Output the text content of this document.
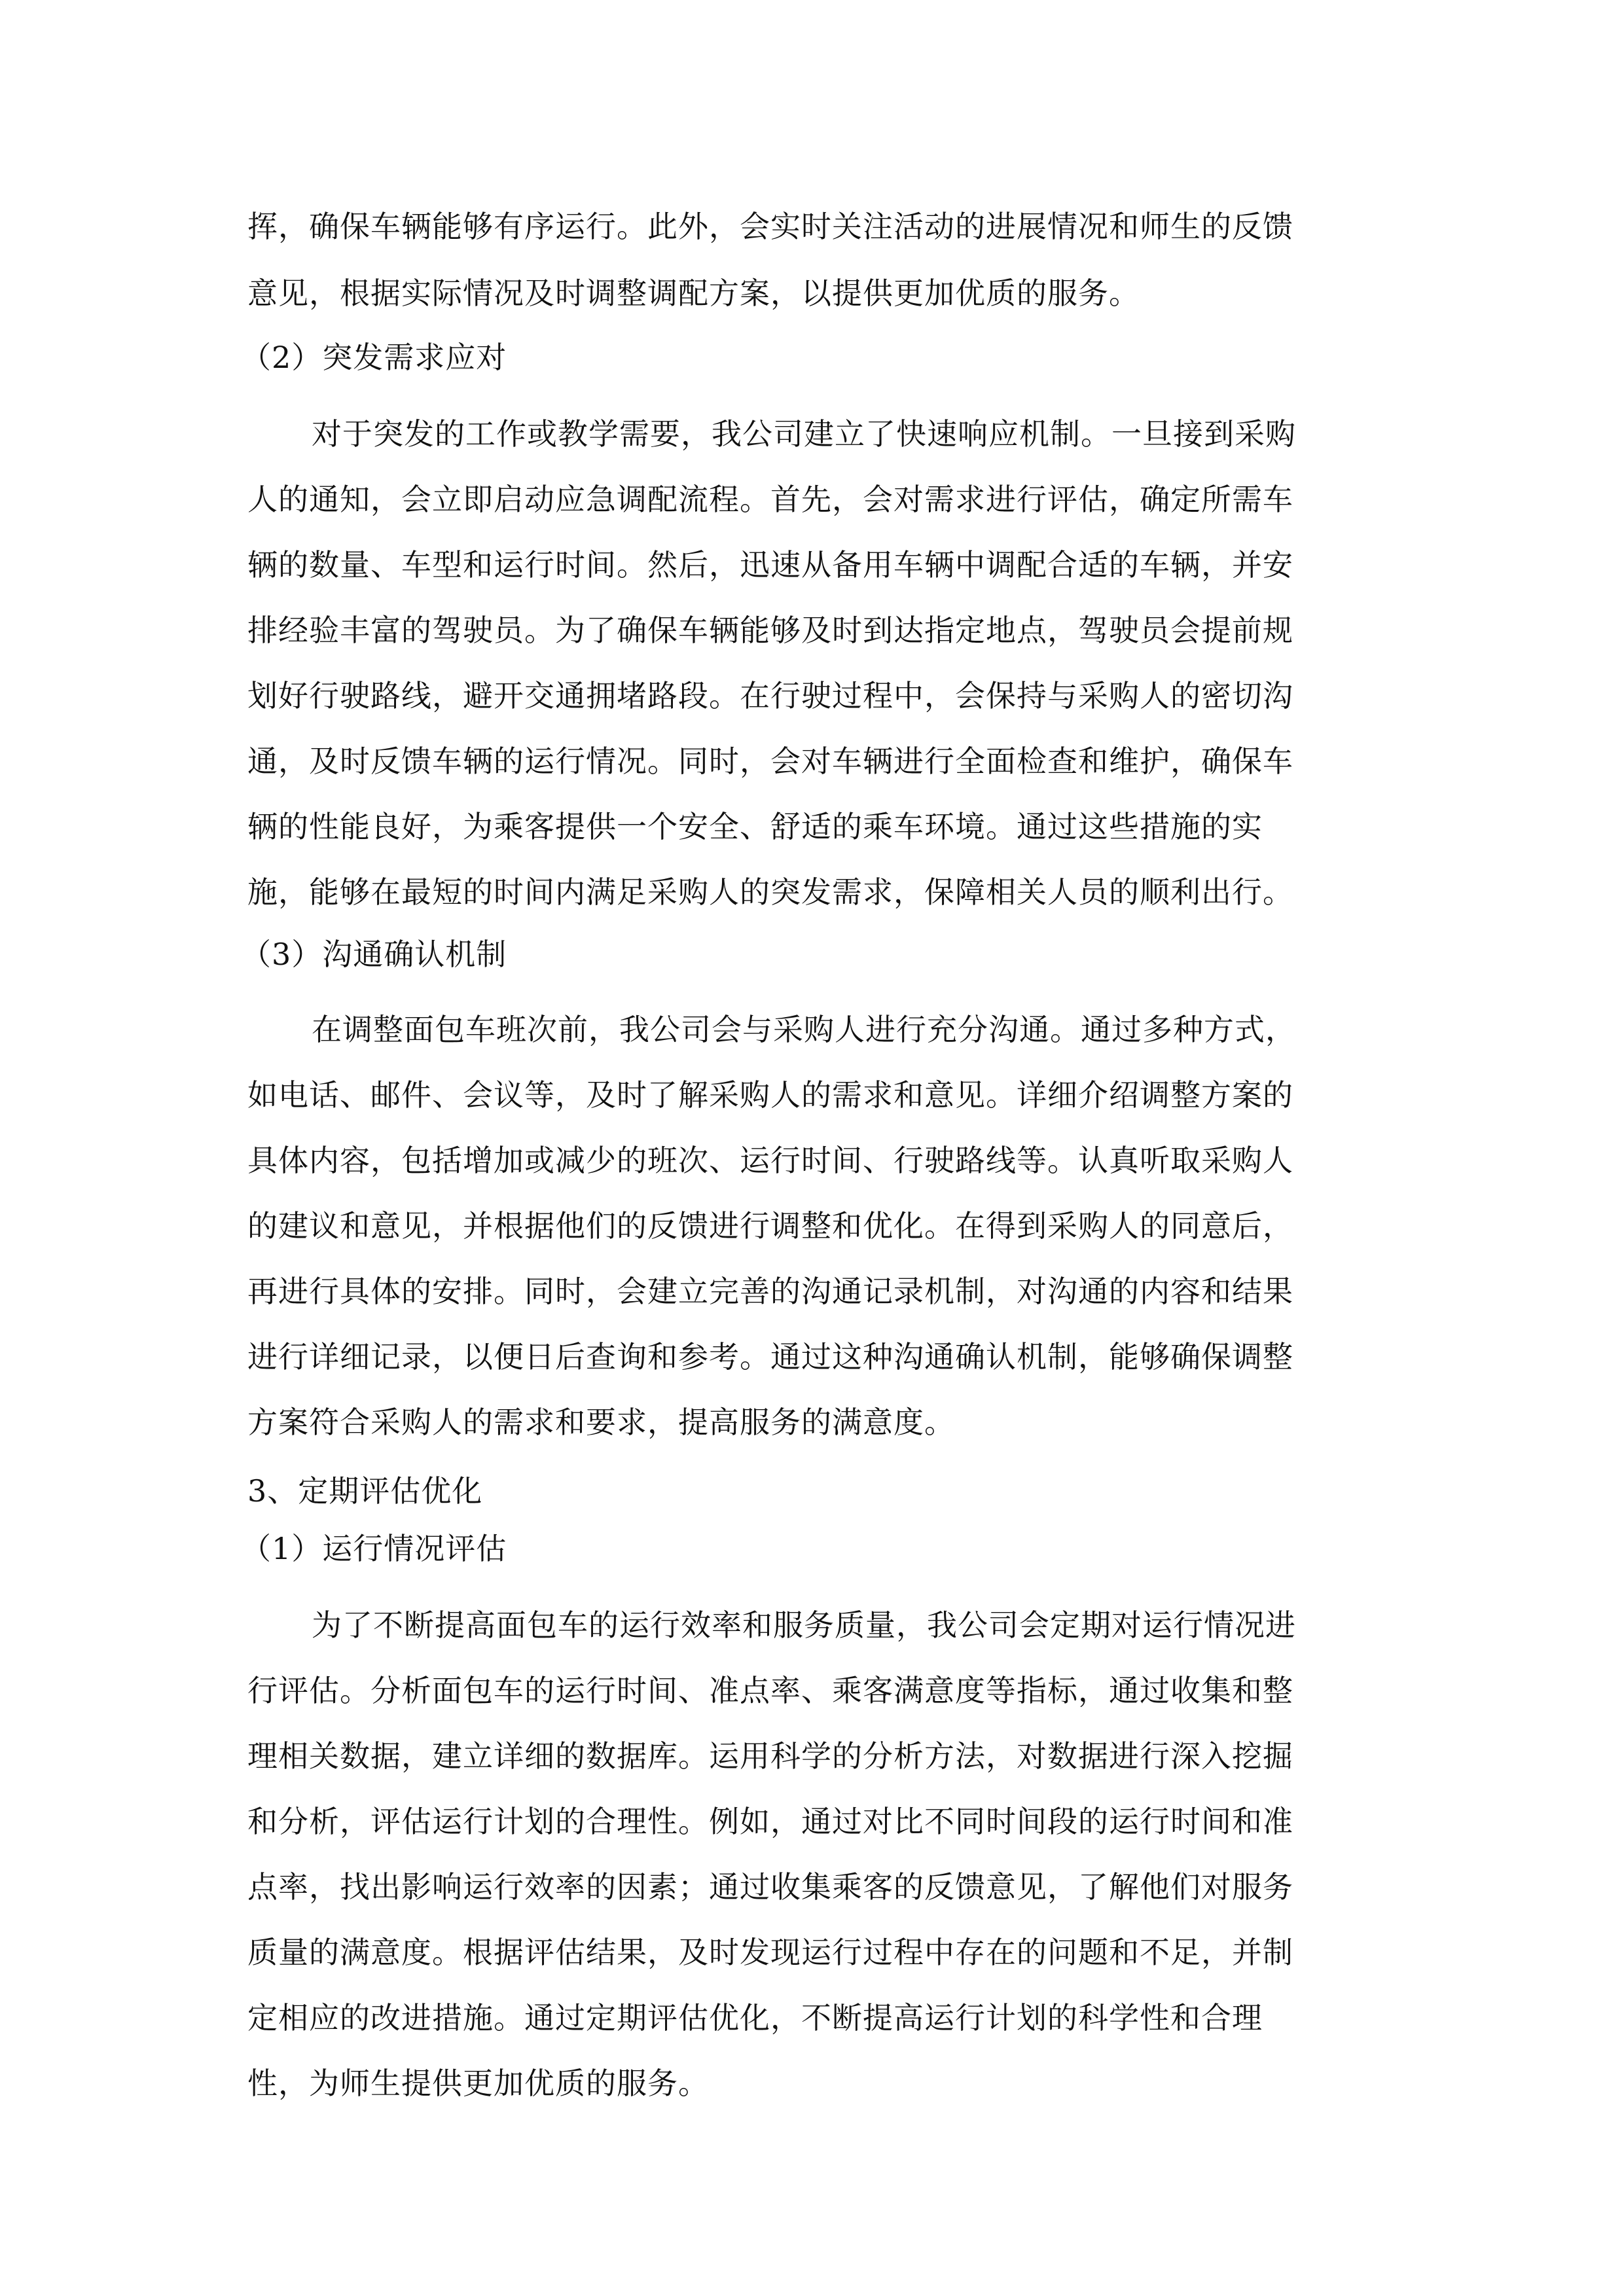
挥，确保车辆能够有序运行。此外，会实时关注活动的进展情况和师生的反馈
意见，根据实际情况及时调整调配方案，以提供更加优质的服务。
（2）突发需求应对
对于突发的工作或教学需要，我公司建立了快速响应机制。一旦接到采购
人的通知，会立即启动应急调配流程。首先，会对需求进行评估，确定所需车
辆的数量、车型和运行时间。然后，迅速从备用车辆中调配合适的车辆，并安
排经验丰富的驾驶员。为了确保车辆能够及时到达指定地点，驾驶员会提前规
划好行驶路线，避开交通拥堵路段。在行驶过程中，会保持与采购人的密切沟
通，及时反馈车辆的运行情况。同时，会对车辆进行全面检查和维护，确保车
辆的性能良好，为乘客提供一个安全、舒适的乘车环境。通过这些措施的实
施，能够在最短的时间内满足采购人的突发需求，保障相关人员的顺利出行。
（3）沟通确认机制
在调整面包车班次前，我公司会与采购人进行充分沟通。通过多种方式，
如电话、邮件、会议等，及时了解采购人的需求和意见。详细介绍调整方案的
具体内容，包括增加或减少的班次、运行时间、行驶路线等。认真听取采购人
的建议和意见，并根据他们的反馈进行调整和优化。在得到采购人的同意后，
再进行具体的安排。同时，会建立完善的沟通记录机制，对沟通的内容和结果
进行详细记录，以便日后查询和参考。通过这种沟通确认机制，能够确保调整
方案符合采购人的需求和要求，提高服务的满意度。
3、定期评估优化
（1）运行情况评估
为了不断提高面包车的运行效率和服务质量，我公司会定期对运行情况进
行评估。分析面包车的运行时间、准点率、乘客满意度等指标，通过收集和整
理相关数据，建立详细的数据库。运用科学的分析方法，对数据进行深入挖掘
和分析，评估运行计划的合理性。例如，通过对比不同时间段的运行时间和准
点率，找出影响运行效率的因素；通过收集乘客的反馈意见，了解他们对服务
质量的满意度。根据评估结果，及时发现运行过程中存在的问题和不足，并制
定相应的改进措施。通过定期评估优化，不断提高运行计划的科学性和合理
性，为师生提供更加优质的服务。
